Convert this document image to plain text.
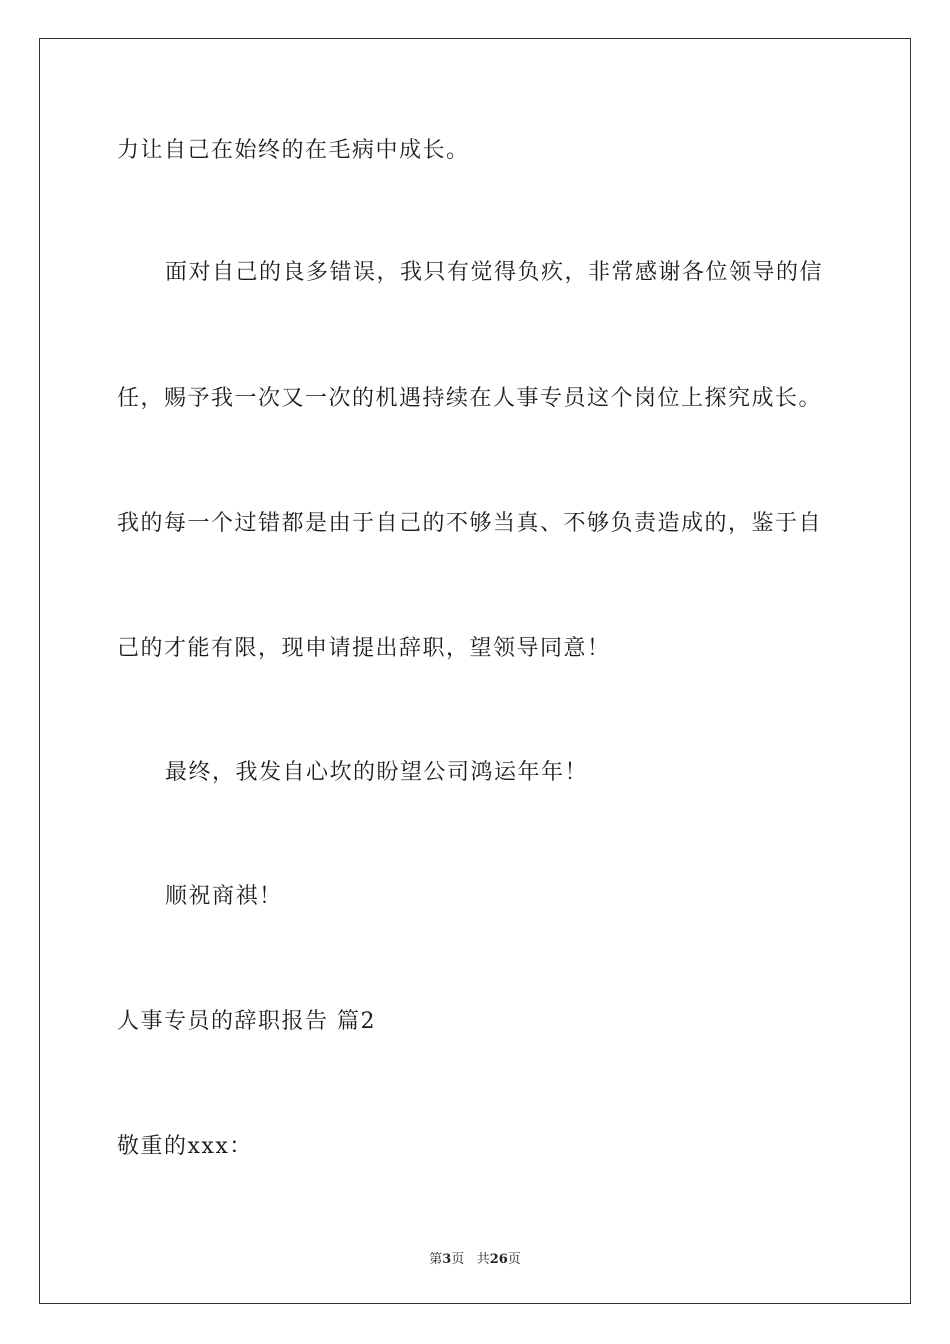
力让自己在始终的在毛病中成长。
面对自己的良多错误，我只有觉得负疚，非常感谢各位领导的信
任，赐予我一次又一次的机遇持续在人事专员这个岗位上探究成长。
我的每一个过错都是由于自己的不够当真、不够负责造成的，鉴于自
己的才能有限，现申请提出辞职，望领导同意！
最终，我发自心坎的盼望公司鸿运年年！
顺祝商祺！
人事专员的辞职报告 篇2
敬重的xxx：
第3页 共26页
